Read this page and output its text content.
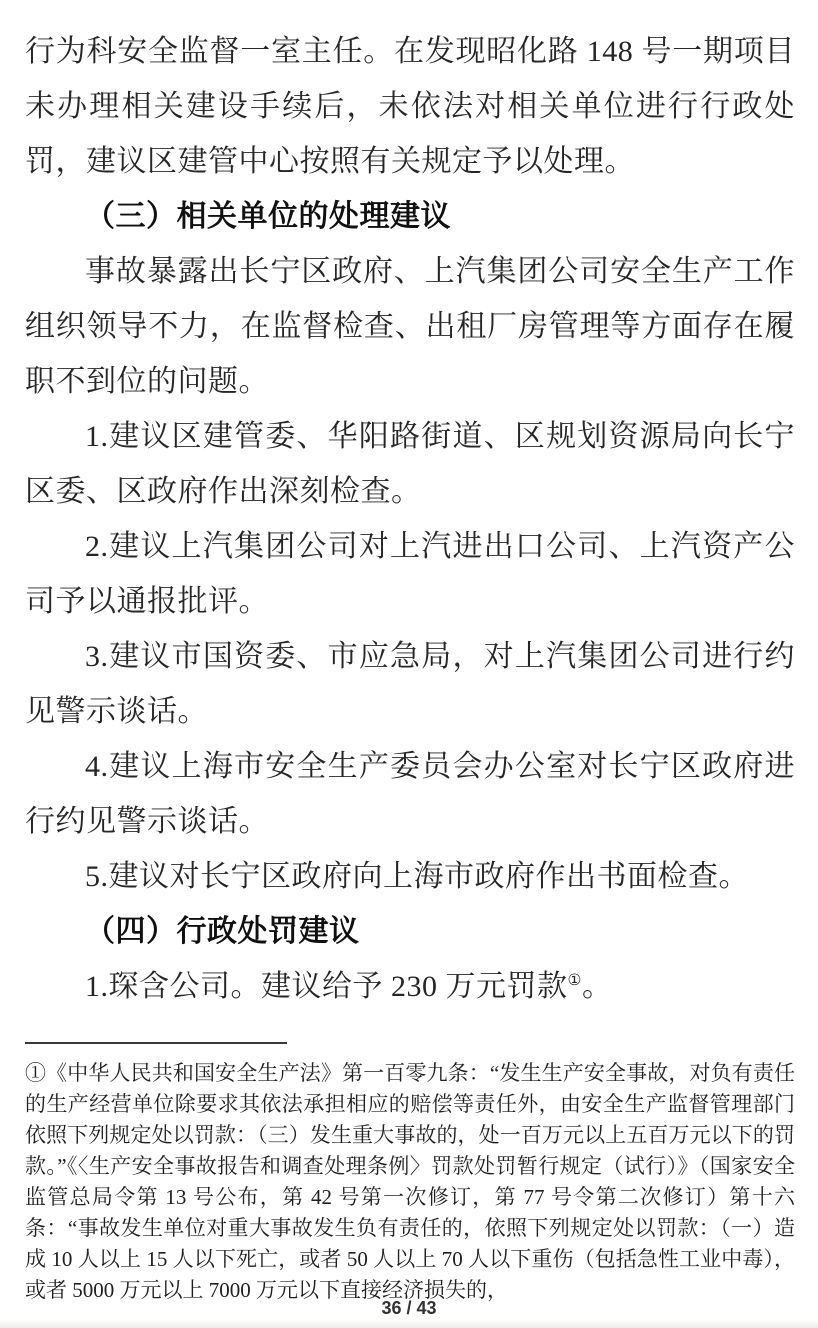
行为科安全监督一室主任。在发现昭化路 148 号一期项目未办理相关建设手续后，未依法对相关单位进行行政处罚，建议区建管中心按照有关规定予以处理。

（三）相关单位的处理建议

事故暴露出长宁区政府、上汽集团公司安全生产工作组织领导不力，在监督检查、出租厂房管理等方面存在履职不到位的问题。

1.建议区建管委、华阳路街道、区规划资源局向长宁区委、区政府作出深刻检查。

2.建议上汽集团公司对上汽进出口公司、上汽资产公司予以通报批评。

3.建议市国资委、市应急局，对上汽集团公司进行约见警示谈话。

4.建议上海市安全生产委员会办公室对长宁区政府进行约见警示谈话。

5.建议对长宁区政府向上海市政府作出书面检查。

（四）行政处罚建议

1.琛含公司。建议给予 230 万元罚款①。

①《中华人民共和国安全生产法》第一百零九条：“发生生产安全事故，对负有责任的生产经营单位除要求其依法承担相应的赔偿等责任外，由安全生产监督管理部门依照下列规定处以罚款：（三）发生重大事故的，处一百万元以上五百万元以下的罚款。”《〈生产安全事故报告和调查处理条例〉罚款处罚暂行规定（试行）》（国家安全监管总局令第 13 号公布，第 42 号第一次修订，第 77 号令第二次修订）第十六条：“事故发生单位对重大事故发生负有责任的，依照下列规定处以罚款：（一）造成 10 人以上 15 人以下死亡，或者 50 人以上 70 人以下重伤（包括急性工业中毒），或者 5000 万元以上 7000 万元以下直接经济损失的，

36 / 43
